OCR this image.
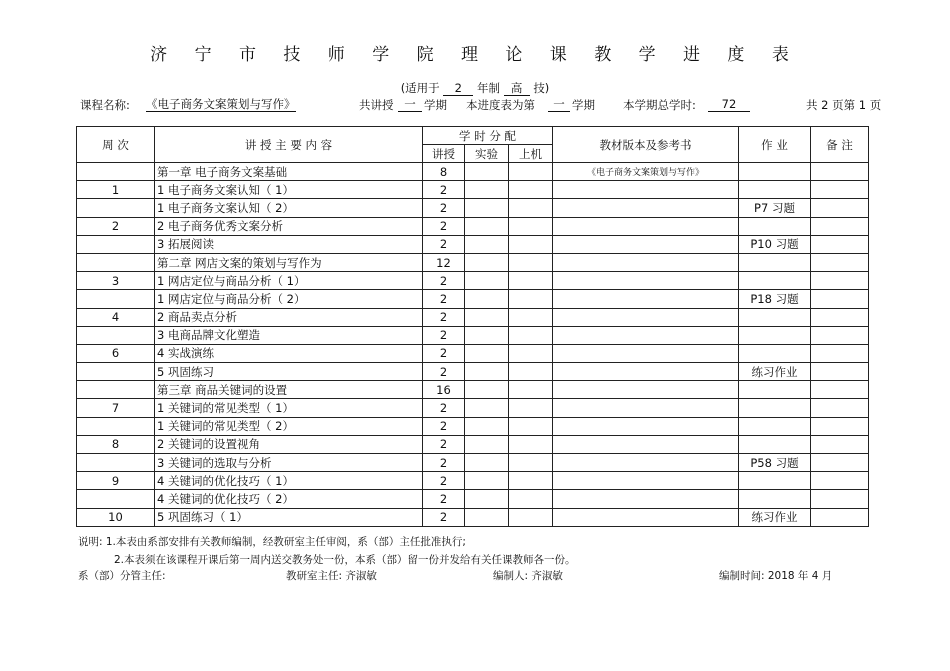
济 宁 市 技 师 学 院 理 论 课 教 学 进 度 表
(适用于 2 年制 高 技)
课程名称: 《电子商务文案策划与写作》	共讲授 一 学期 本进度表为第	一 学期 本学期总学时:	72	共 2 页第 1 页
周 次	讲 授 主 要 内 容	学 时 分 配			教材版本及参考书	作 业	备 注
		讲授	实验	上机			
	第一章 电子商务文案基础	8			《电子商务文案策划与写作》		
1	1 电子商务文案认知（ 1）	2					
	1 电子商务文案认知（ 2）	2				P7 习题	
2	2 电子商务优秀文案分析	2					
	3 拓展阅读	2				P10 习题	
	第二章 网店文案的策划与写作为	12					
3	1 网店定位与商品分析（ 1）	2					
	1 网店定位与商品分析（ 2）	2				P18 习题	
4	2 商品卖点分析	2					
	3 电商品牌文化塑造	2					
6	4 实战演练	2					
	5 巩固练习	2				练习作业	
	第三章 商品关键词的设置	16					
7	1 关键词的常见类型（ 1）	2					
	1 关键词的常见类型（ 2）	2					
8	2 关键词的设置视角	2					
	3 关键词的选取与分析	2				P58 习题	
9	4 关键词的优化技巧（ 1）	2					
	4 关键词的优化技巧（ 2）	2					
10	5 巩固练习（ 1）	2				练习作业	
说明: 1.本表由系部安排有关教师编制，经教研室主任审阅，系（部）主任批准执行;
2.本表须在该课程开课后第一周内送交教务处一份，本系（部）留一份并发给有关任课教师各一份。
系（部）分管主任:	教研室主任: 齐淑敏	编制人: 齐淑敏	编制时间: 2018 年 4 月
